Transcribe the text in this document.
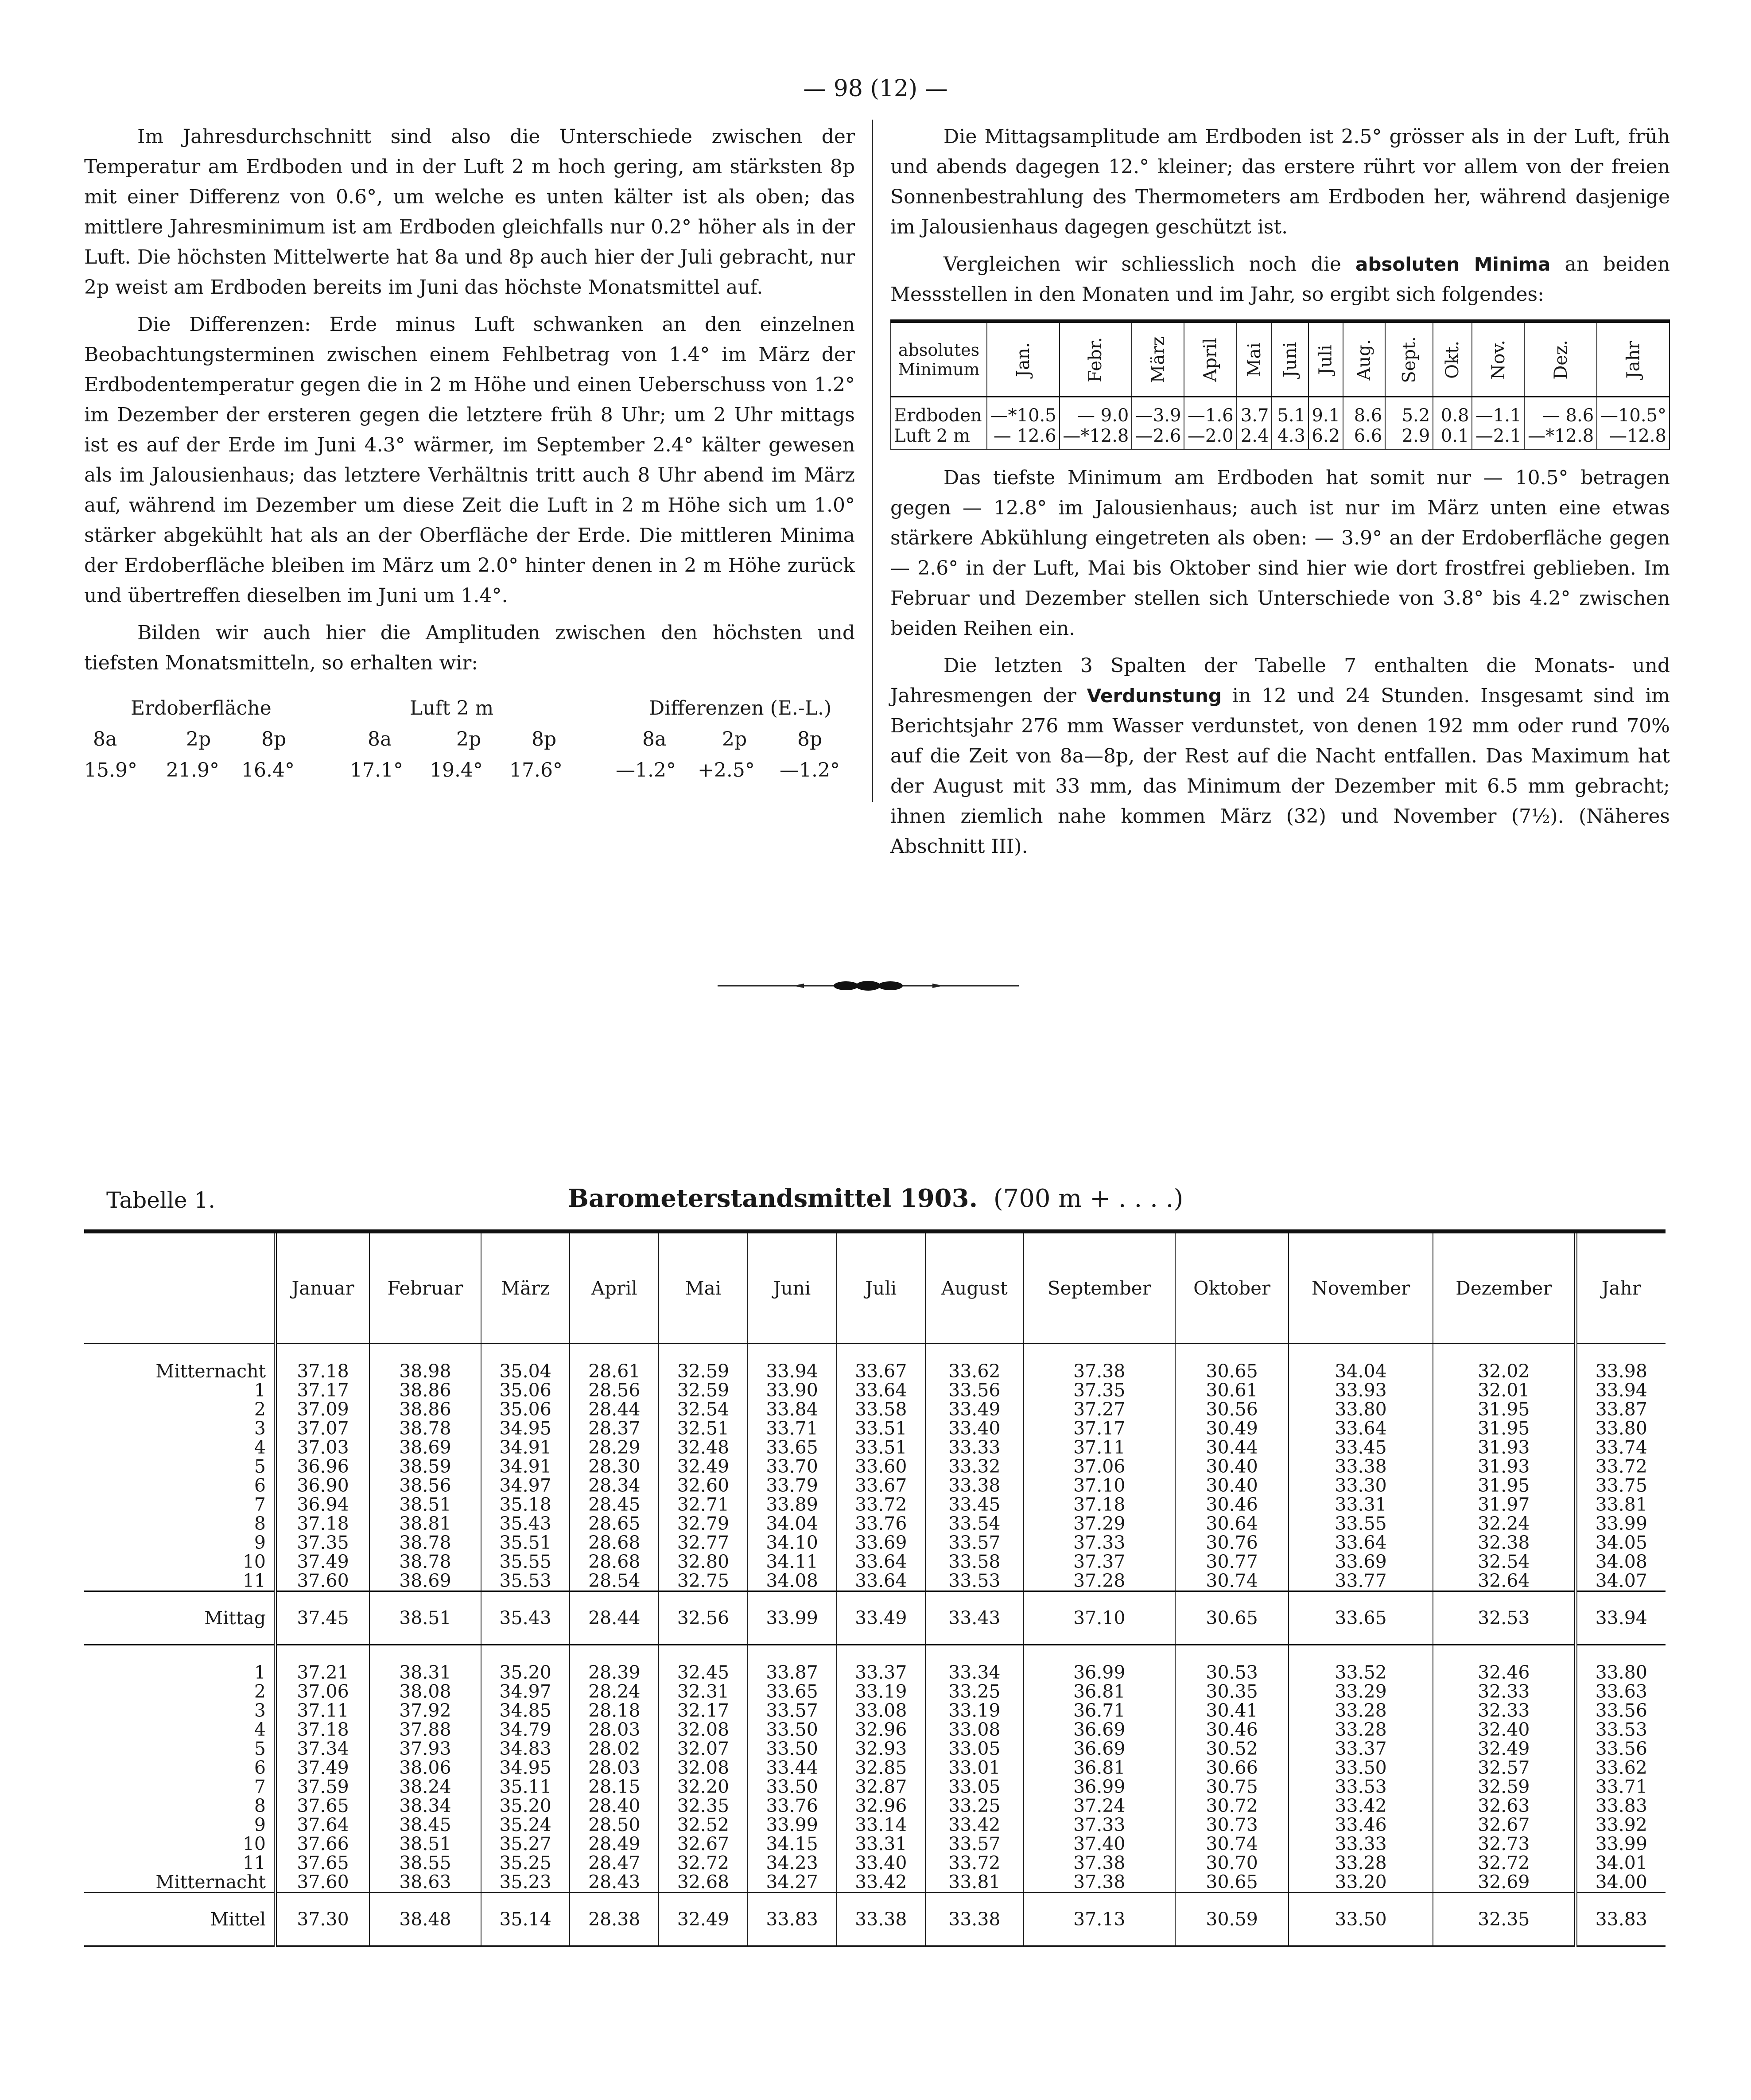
— 98 (12) —

Im Jahresdurchschnitt sind also die Unterschiede zwischen der Temperatur am Erdboden und in der Luft 2 m hoch gering, am stärksten 8p mit einer Differenz von 0.6°, um welche es unten kälter ist als oben; das mittlere Jahresminimum ist am Erdboden gleichfalls nur 0.2° höher als in der Luft. Die höchsten Mittelwerte hat 8a und 8p auch hier der Juli gebracht, nur 2p weist am Erdboden bereits im Juni das höchste Monatsmittel auf.

Die Differenzen: Erde minus Luft schwanken an den einzelnen Beobachtungsterminen zwischen einem Fehlbetrag von 1.4° im März der Erdbodentemperatur gegen die in 2 m Höhe und einen Ueberschuss von 1.2° im Dezember der ersteren gegen die letztere früh 8 Uhr; um 2 Uhr mittags ist es auf der Erde im Juni 4.3° wärmer, im September 2.4° kälter gewesen als im Jalousienhaus; das letztere Verhältnis tritt auch 8 Uhr abend im März auf, während im Dezember um diese Zeit die Luft in 2 m Höhe sich um 1.0° stärker abgekühlt hat als an der Oberfläche der Erde. Die mittleren Minima der Erdoberfläche bleiben im März um 2.0° hinter denen in 2 m Höhe zurück und übertreffen dieselben im Juni um 1.4°.

Bilden wir auch hier die Amplituden zwischen den höchsten und tiefsten Monatsmitteln, so erhalten wir:

Erdoberfläche	Luft 2 m	Differenzen (E.-L.)
8a	2p	8p	8a	2p	8p	8a	2p	8p
15.9° 21.9° 16.4°	17.1° 19.4° 17.6°	—1.2° +2.5° —1.2°

Die Mittagsamplitude am Erdboden ist 2.5° grösser als in der Luft, früh und abends dagegen 12.° kleiner; das erstere rührt vor allem von der freien Sonnenbestrahlung des Thermometers am Erdboden her, während dasjenige im Jalousienhaus dagegen geschützt ist.

Vergleichen wir schliesslich noch die absoluten Minima an beiden Messstellen in den Monaten und im Jahr, so ergibt sich folgendes:

absolutes Minimum	Jan.	Febr.	März	April	Mai	Juni	Juli	Aug.	Sept.	Okt.	Nov.	Dez.	Jahr
Erdboden	—*10.5	— 9.0	—3.9	—1.6	3.7	5.1	9.1	8.6	5.2	0.8	—1.1	— 8.6	—10.5°
Luft 2 m	— 12.6	—*12.8	—2.6	—2.0	2.4	4.3	6.2	6.6	2.9	0.1	—2.1	—*12.8	—12.8

Das tiefste Minimum am Erdboden hat somit nur — 10.5° betragen gegen — 12.8° im Jalousienhaus; auch ist nur im März unten eine etwas stärkere Abkühlung eingetreten als oben: — 3.9° an der Erdoberfläche gegen — 2.6° in der Luft, Mai bis Oktober sind hier wie dort frostfrei geblieben. Im Februar und Dezember stellen sich Unterschiede von 3.8° bis 4.2° zwischen beiden Reihen ein.

Die letzten 3 Spalten der Tabelle 7 enthalten die Monats- und Jahresmengen der Verdunstung in 12 und 24 Stunden. Insgesamt sind im Berichtsjahr 276 mm Wasser verdunstet, von denen 192 mm oder rund 70% auf die Zeit von 8a—8p, der Rest auf die Nacht entfallen. Das Maximum hat der August mit 33 mm, das Minimum der Dezember mit 6.5 mm gebracht; ihnen ziemlich nahe kommen März (32) und November (7½). (Näheres Abschnitt III).

Tabelle 1.	Barometerstandsmittel 1903. (700 m + . . . .)
	Januar	Februar	März	April	Mai	Juni	Juli	August	September	Oktober	November	Dezember	Jahr

Mitternacht	37.18	38.98	35.04	28.61	32.59	33.94	33.67	33.62	37.38	30.65	34.04	32.02	33.98
1	37.17	38.86	35.06	28.56	32.59	33.90	33.64	33.56	37.35	30.61	33.93	32.01	33.94
2	37.09	38.86	35.06	28.44	32.54	33.84	33.58	33.49	37.27	30.56	33.80	31.95	33.87
3	37.07	38.78	34.95	28.37	32.51	33.71	33.51	33.40	37.17	30.49	33.64	31.95	33.80
4	37.03	38.69	34.91	28.29	32.48	33.65	33.51	33.33	37.11	30.44	33.45	31.93	33.74
5	36.96	38.59	34.91	28.30	32.49	33.70	33.60	33.32	37.06	30.40	33.38	31.93	33.72
6	36.90	38.56	34.97	28.34	32.60	33.79	33.67	33.38	37.10	30.40	33.30	31.95	33.75
7	36.94	38.51	35.18	28.45	32.71	33.89	33.72	33.45	37.18	30.46	33.31	31.97	33.81
8	37.18	38.81	35.43	28.65	32.79	34.04	33.76	33.54	37.29	30.64	33.55	32.24	33.99
9	37.35	38.78	35.51	28.68	32.77	34.10	33.69	33.57	37.33	30.76	33.64	32.38	34.05
10	37.49	38.78	35.55	28.68	32.80	34.11	33.64	33.58	37.37	30.77	33.69	32.54	34.08
11	37.60	38.69	35.53	28.54	32.75	34.08	33.64	33.53	37.28	30.74	33.77	32.64	34.07
Mittag	37.45	38.51	35.43	28.44	32.56	33.99	33.49	33.43	37.10	30.65	33.65	32.53	33.94

1	37.21	38.31	35.20	28.39	32.45	33.87	33.37	33.34	36.99	30.53	33.52	32.46	33.80
2	37.06	38.08	34.97	28.24	32.31	33.65	33.19	33.25	36.81	30.35	33.29	32.33	33.63
3	37.11	37.92	34.85	28.18	32.17	33.57	33.08	33.19	36.71	30.41	33.28	32.33	33.56
4	37.18	37.88	34.79	28.03	32.08	33.50	32.96	33.08	36.69	30.46	33.28	32.40	33.53
5	37.34	37.93	34.83	28.02	32.07	33.50	32.93	33.05	36.69	30.52	33.37	32.49	33.56
6	37.49	38.06	34.95	28.03	32.08	33.44	32.85	33.01	36.81	30.66	33.50	32.57	33.62
7	37.59	38.24	35.11	28.15	32.20	33.50	32.87	33.05	36.99	30.75	33.53	32.59	33.71
8	37.65	38.34	35.20	28.40	32.35	33.76	32.96	33.25	37.24	30.72	33.42	32.63	33.83
9	37.64	38.45	35.24	28.50	32.52	33.99	33.14	33.42	37.33	30.73	33.46	32.67	33.92
10	37.66	38.51	35.27	28.49	32.67	34.15	33.31	33.57	37.40	30.74	33.33	32.73	33.99
11	37.65	38.55	35.25	28.47	32.72	34.23	33.40	33.72	37.38	30.70	33.28	32.72	34.01
Mitternacht	37.60	38.63	35.23	28.43	32.68	34.27	33.42	33.81	37.38	30.65	33.20	32.69	34.00
Mittel	37.30	38.48	35.14	28.38	32.49	33.83	33.38	33.38	37.13	30.59	33.50	32.35	33.83
